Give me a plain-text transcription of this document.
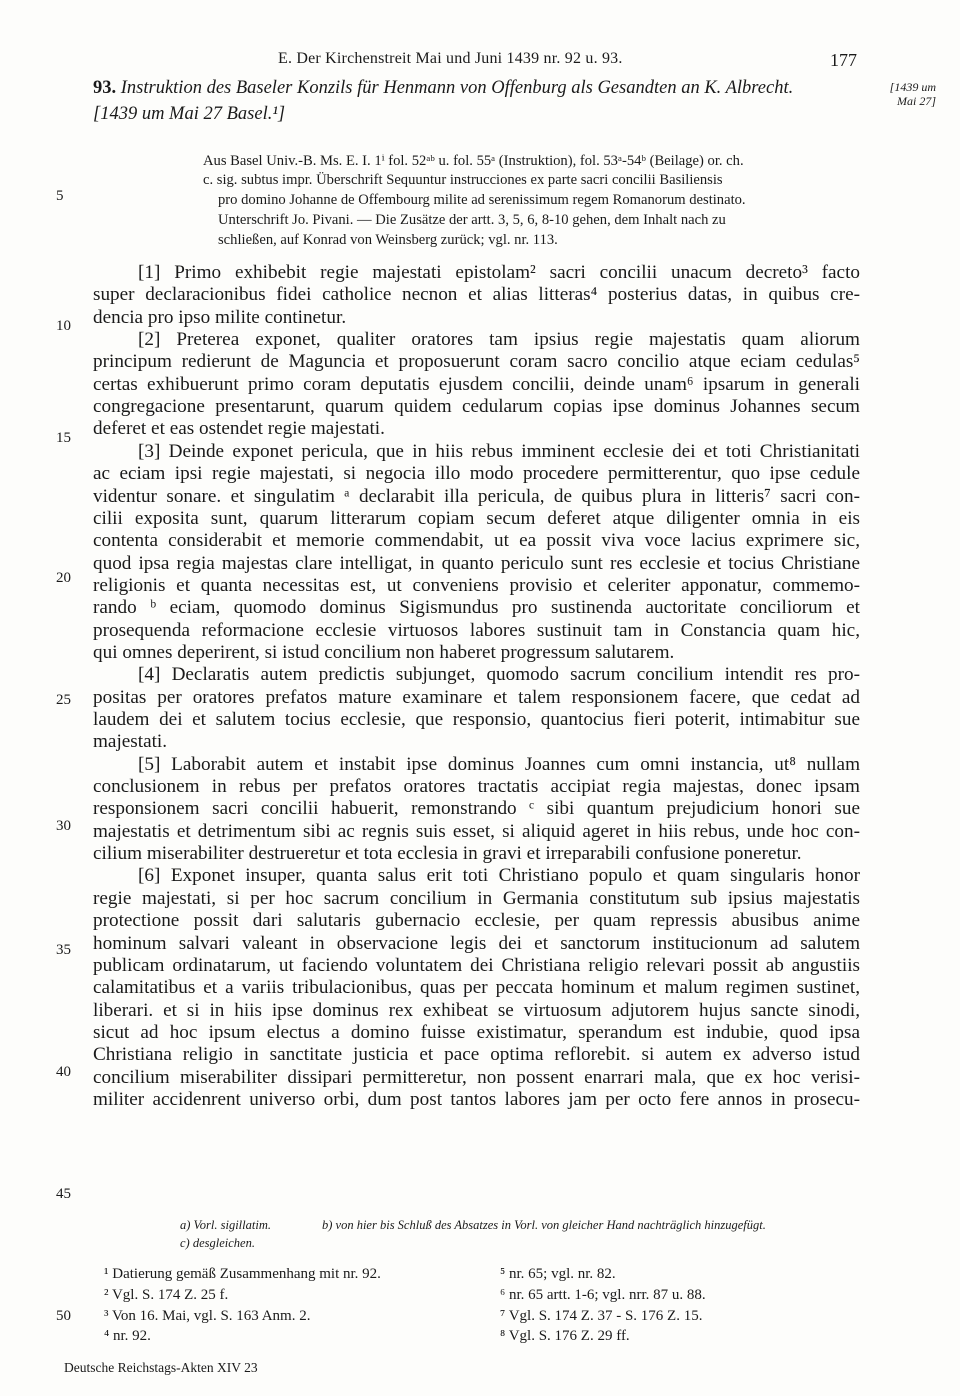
E. Der Kirchenstreit Mai und Juni 1439 nr. 92 u. 93.	177
93. Instruktion des Baseler Konzils für Henmann von Offenburg als Gesandten an K. Albrecht.
[1439 um Mai 27 Basel.¹]
[1439 um Mai 27]
Aus Basel Univ.-B. Ms. E. I. 1ⁱ fol. 52ᵃᵇ u. fol. 55ᵃ (Instruktion), fol. 53ᵃ-54ᵇ (Beilage) or. ch.
c. sig. subtus impr. Überschrift Sequuntur instrucciones ex parte sacri concilii Basiliensis
pro domino Johanne de Offembourg milite ad serenissimum regem Romanorum destinato.
Unterschrift Jo. Pivani. — Die Zusätze der artt. 3, 5, 6, 8-10 gehen, dem Inhalt nach zu
schließen, auf Konrad von Weinsberg zurück; vgl. nr. 113.
5
[1] Primo exhibebit regie majestati epistolam² sacri concilii unacum decreto³ facto
super declaracionibus fidei catholice necnon et alias litteras⁴ posterius datas, in quibus cre-
dencia pro ipso milite continetur.
[2] Preterea exponet, qualiter oratores tam ipsius regie majestatis quam aliorum
principum redierunt de Maguncia et proposuerunt coram sacro concilio atque eciam cedulas⁵
certas exhibuerunt primo coram deputatis ejusdem concilii, deinde unam⁶ ipsarum in generali
congregacione presentarunt, quarum quidem cedularum copias ipse dominus Johannes secum
deferet et eas ostendet regie majestati.
[3] Deinde exponet pericula, que in hiis rebus imminent ecclesie dei et toti Christianitati
ac eciam ipsi regie majestati, si negocia illo modo procedere permitterentur, quo ipse cedule
videntur sonare. et singulatim ᵃ declarabit illa pericula, de quibus plura in litteris⁷ sacri con-
cilii exposita sunt, quarum litterarum copiam secum deferet atque diligenter omnia in eis
contenta considerabit et memorie commendabit, ut ea possit viva voce lacius exprimere sic,
quod ipsa regia majestas clare intelligat, in quanto periculo sunt res ecclesie et tocius Christiane
religionis et quanta necessitas est, ut conveniens provisio et celeriter apponatur, commemo-
rando ᵇ eciam, quomodo dominus Sigismundus pro sustinenda auctoritate conciliorum et
prosequenda reformacione ecclesie virtuosos labores sustinuit tam in Constancia quam hic,
qui omnes deperirent, si istud concilium non haberet progressum salutarem.
[4] Declaratis autem predictis subjunget, quomodo sacrum concilium intendit res pro-
positas per oratores prefatos mature examinare et talem responsionem facere, que cedat ad
laudem dei et salutem tocius ecclesie, que responsio, quantocius fieri poterit, intimabitur sue
majestati.
[5] Laborabit autem et instabit ipse dominus Joannes cum omni instancia, ut⁸ nullam
conclusionem in rebus per prefatos oratores tractatis accipiat regia majestas, donec ipsam
responsionem sacri concilii habuerit, remonstrando ᶜ sibi quantum prejudicium honori sue
majestatis et detrimentum sibi ac regnis suis esset, si aliquid ageret in hiis rebus, unde hoc con-
cilium miserabiliter destrueretur et tota ecclesia in gravi et irreparabili confusione poneretur.
[6] Exponet insuper, quanta salus erit toti Christiano populo et quam singularis honor
regie majestati, si per hoc sacrum concilium in Germania constitutum sub ipsius majestatis
protectione possit dari salutaris gubernacio ecclesie, per quam repressis abusibus anime
hominum salvari valeant in observacione legis dei et sanctorum institucionum ad salutem
publicam ordinatarum, ut faciendo voluntatem dei Christiana religio relevari possit ab angustiis
calamitatibus et a variis tribulacionibus, quas per peccata hominum et malum regimen sustinet,
liberari. et si in hiis ipse dominus rex exhibeat se virtuosum adjutorem hujus sancte sinodi,
sicut ad hoc ipsum electus a domino fuisse existimatur, sperandum est indubie, quod ipsa
Christiana religio in sanctitate justicia et pace optima reflorebit. si autem ex adverso istud
concilium miserabiliter dissipari permitteretur, non possent enarrari mala, que ex hoc verisi-
militer accidenrent universo orbi, dum post tantos labores jam per octo fere annos in prosecu-
10
15
20
25
30
35
40
45
a) Vorl. sigillatim.	b) von hier bis Schluß des Absatzes in Vorl. von gleicher Hand nachträglich hinzugefügt.
c) desgleichen.
¹ Datierung gemäß Zusammenhang mit nr. 92.
² Vgl. S. 174 Z. 25 f.
³ Von 16. Mai, vgl. S. 163 Anm. 2.
⁴ nr. 92.
⁵ nr. 65; vgl. nr. 82.
⁶ nr. 65 artt. 1-6; vgl. nrr. 87 u. 88.
⁷ Vgl. S. 174 Z. 37 - S. 176 Z. 15.
⁸ Vgl. S. 176 Z. 29 ff.
50
Deutsche Reichstags-Akten XIV 23
